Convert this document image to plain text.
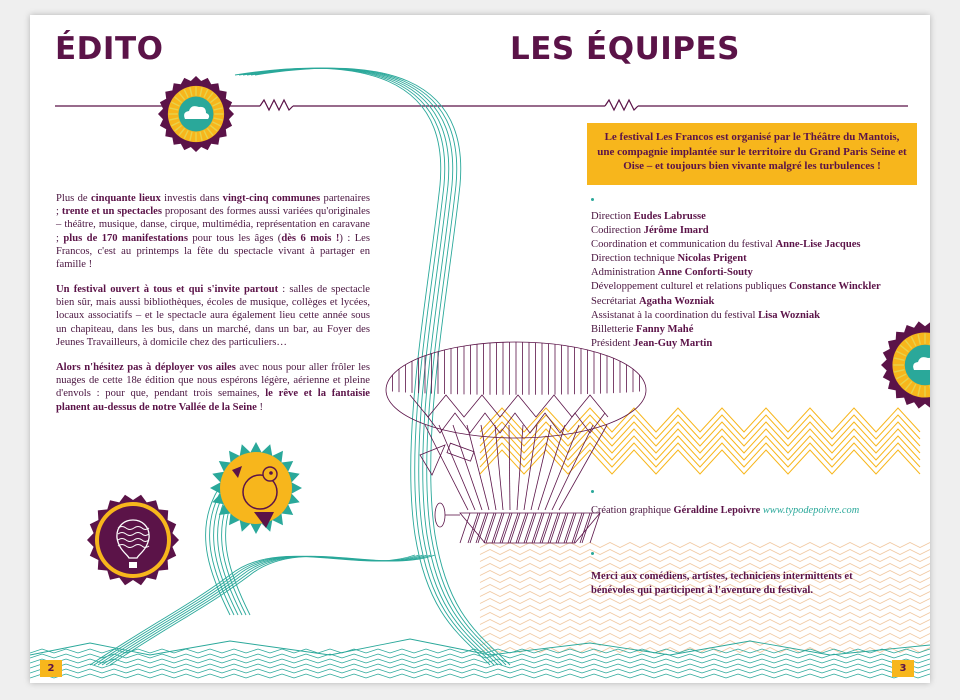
ÉDITO	LES ÉQUIPES
Plus de cinquante lieux investis dans vingt-cinq communes partenaires ; trente et un spectacles proposant des formes aussi variées qu'originales – théâtre, musique, danse, cirque, multimédia, représentation en caravane ; plus de 170 manifestations pour tous les âges (dès 6 mois !) : Les Francos, c'est au printemps la fête du spectacle vivant à partager en famille !
Un festival ouvert à tous et qui s'invite partout : salles de spectacle bien sûr, mais aussi bibliothèques, écoles de musique, collèges et lycées, locaux associatifs – et le spectacle aura également lieu cette année sous un chapiteau, dans les bus, dans un marché, dans un bar, au Foyer des Jeunes Travailleurs, à domicile chez des particuliers…
Alors n'hésitez pas à déployer vos ailes avec nous pour aller frôler les nuages de cette 18e édition que nous espérons légère, aérienne et pleine d'envols : pour que, pendant trois semaines, le rêve et la fantaisie planent au-dessus de notre Vallée de la Seine !
Le festival Les Francos est organisé par le Théâtre du Mantois, une compagnie implantée sur le territoire du Grand Paris Seine et Oise – et toujours bien vivante malgré les turbulences !
Direction Eudes Labrusse
Codirection Jérôme Imard
Coordination et communication du festival Anne-Lise Jacques
Direction technique Nicolas Prigent
Administration Anne Conforti-Souty
Développement culturel et relations publiques Constance Winckler
Secrétariat Agatha Wozniak
Assistanat à la coordination du festival Lisa Wozniak
Billetterie Fanny Mahé
Président Jean-Guy Martin
Création graphique Géraldine Lepoivre www.typodepoivre.com
Merci aux comédiens, artistes, techniciens intermittents et bénévoles qui participent à l'aventure du festival.
2	3
